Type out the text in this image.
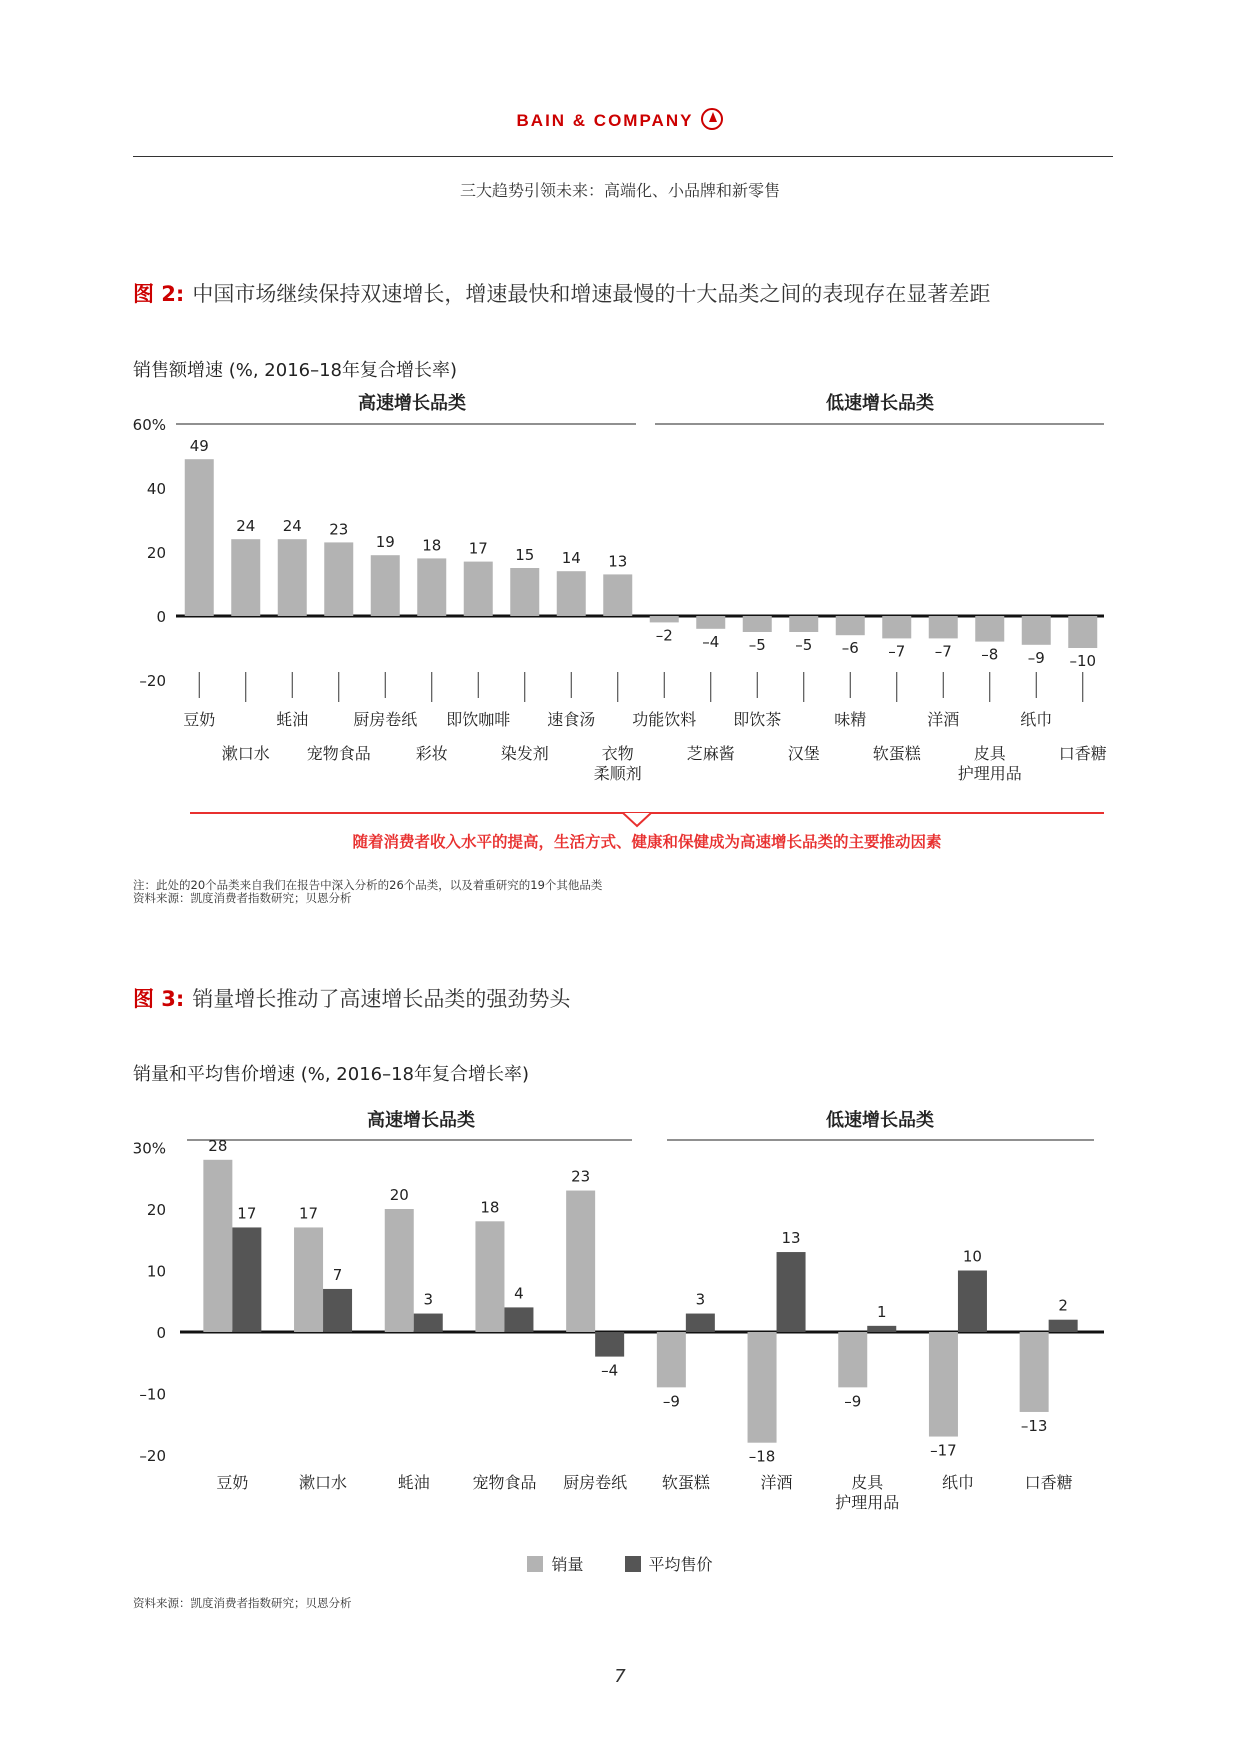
BAIN & COMPANY
三大趋势引领未来：高端化、小品牌和新零售
图 2: 中国市场继续保持双速增长，增速最快和增速最慢的十大品类之间的表现存在显著差距
销售额增速 (%, 2016–18年复合增长率)
高速增长品类	低速增长品类
–20
0
20
40
60%
49
豆奶
24
漱口水
24
蚝油
23
宠物食品
19
厨房卷纸
18
彩妆
17
即饮咖啡
15
染发剂
14
速食汤
13
衣物
柔顺剂
–2
功能饮料
–4
芝麻酱
–5
即饮茶
–5
汉堡
–6
味精
–7
软蛋糕
–7
洋酒
–8
皮具
护理用品
–9
纸巾
–10
口香糖
随着消费者收入水平的提高，生活方式、健康和保健成为高速增长品类的主要推动因素
注：此处的20个品类来自我们在报告中深入分析的26个品类，以及着重研究的19个其他品类
资料来源：凯度消费者指数研究；贝恩分析
图 3: 销量增长推动了高速增长品类的强劲势头
销量和平均售价增速 (%, 2016–18年复合增长率)
高速增长品类	低速增长品类
–20
–10
0
10
20
30%	28
17
豆奶
17
7
漱口水
20
3
蚝油
18
4
宠物食品
23
–4
厨房卷纸
–9
3
软蛋糕
–18
13
洋酒
–9
1
皮具
护理用品
–17
10
纸巾
–13
2
口香糖
销量	平均售价
资料来源：凯度消费者指数研究；贝恩分析
7
